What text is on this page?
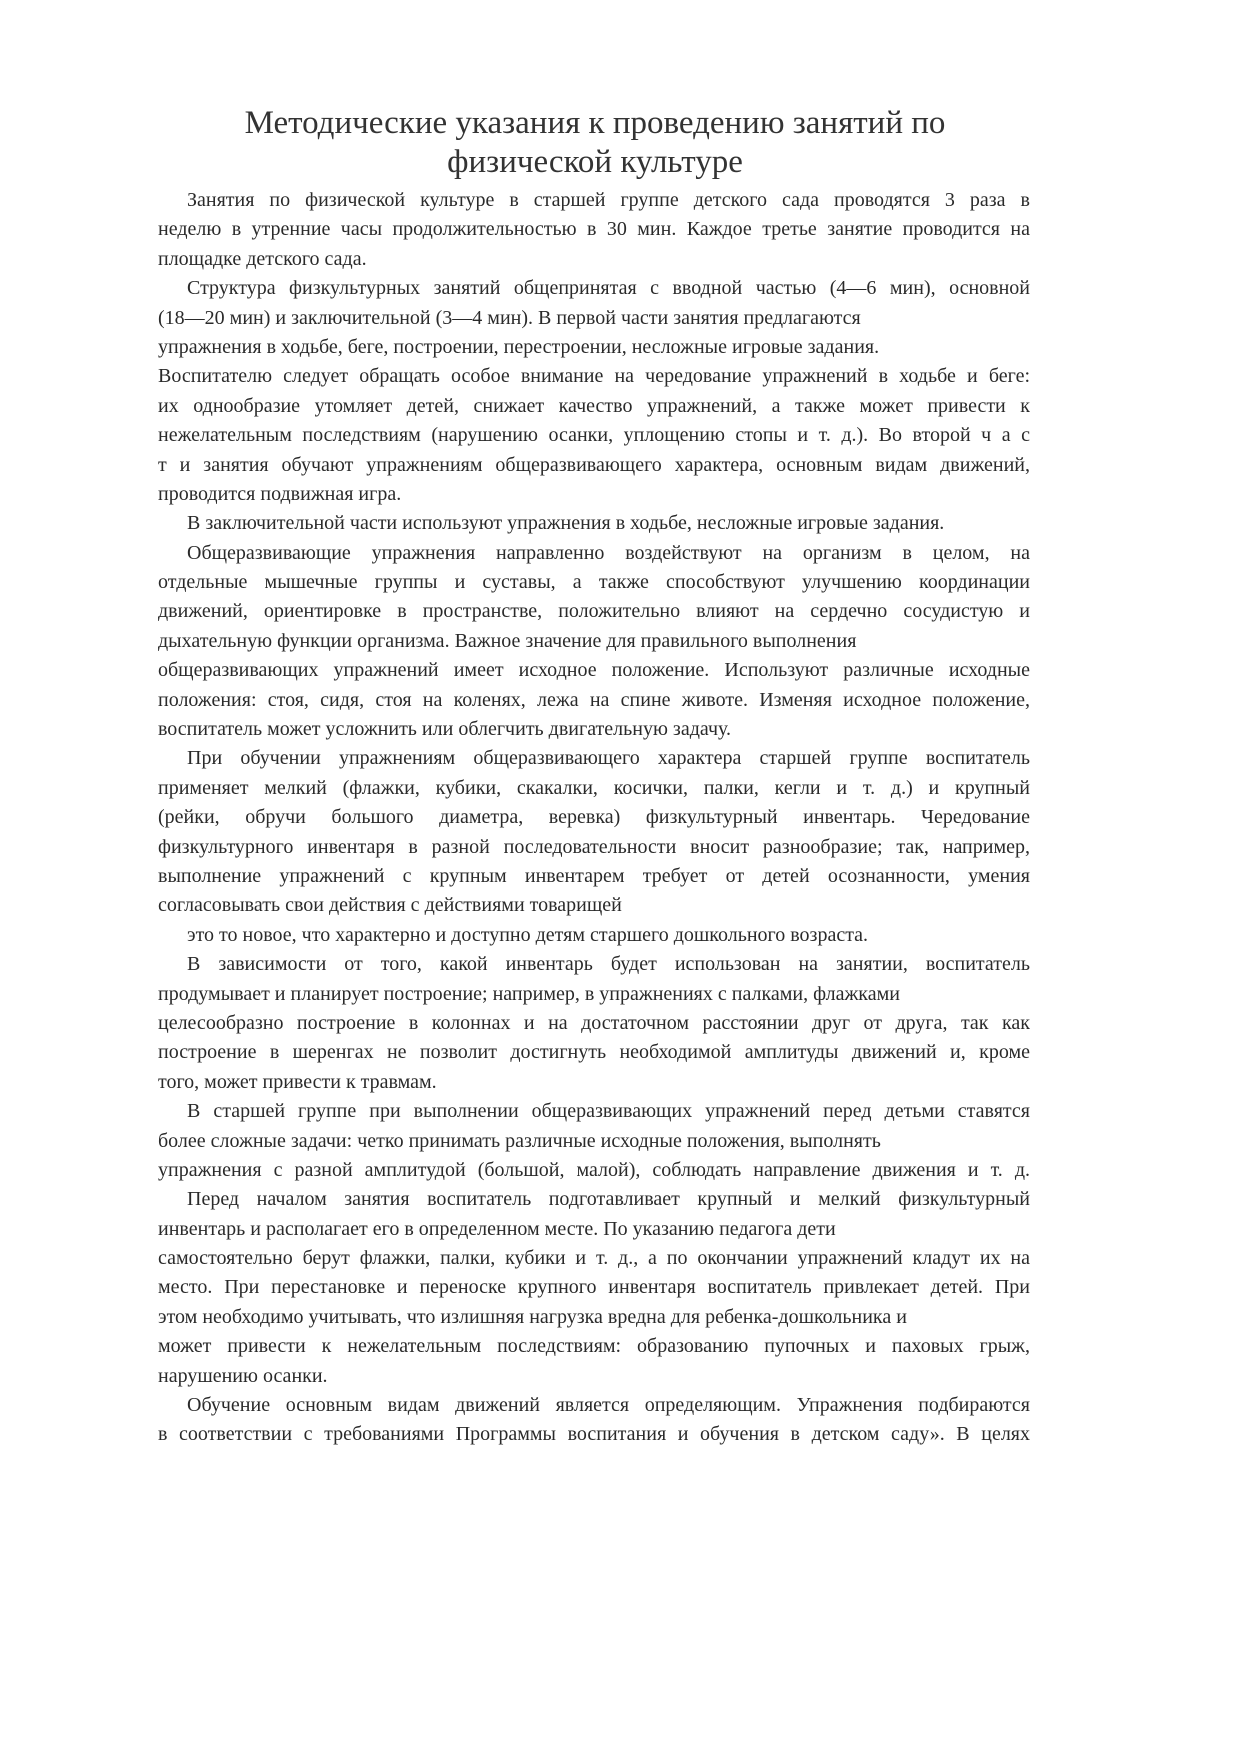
Методические указания к проведению занятий по
физической культуре
Занятия по физической культуре в старшей группе детского сада проводятся 3 раза в
неделю в утренние часы продолжительностью в 30 мин. Каждое третье занятие проводится на
площадке детского сада.
Структура физкультурных занятий общепринятая с вводной частью (4—6 мин), основной
(18—20 мин) и заключительной (3—4 мин). В первой части занятия предлагаются
упражнения в ходьбе, беге, построении, перестроении, несложные игровые задания.
Воспитателю следует обращать особое внимание на чередование упражнений в ходьбе и беге:
их однообразие утомляет детей, снижает качество упражнений, а также может привести к
нежелательным последствиям (нарушению осанки, уплощению стопы и т. д.). Во второй ч а с
т и занятия обучают упражнениям общеразвивающего характера, основным видам движений,
проводится подвижная игра.
В заключительной части используют упражнения в ходьбе, несложные игровые задания.
Общеразвивающие упражнения направленно воздействуют на организм в целом, на
отдельные мышечные группы и суставы, а также способствуют улучшению координации
движений, ориентировке в пространстве, положительно влияют на сердечно сосудистую и
дыхательную функции организма. Важное значение для правильного выполнения
общеразвивающих упражнений имеет исходное положение. Используют различные исходные
положения: стоя, сидя, стоя на коленях, лежа на спине животе. Изменяя исходное положение,
воспитатель может усложнить или облегчить двигательную задачу.
При обучении упражнениям общеразвивающего характера старшей группе воспитатель
применяет мелкий (флажки, кубики, скакалки, косички, палки, кегли и т. д.) и крупный
(рейки, обручи большого диаметра, веревка) физкультурный инвентарь. Чередование
физкультурного инвентаря в разной последовательности вносит разнообразие; так, например,
выполнение упражнений с крупным инвентарем требует от детей осознанности, умения
согласовывать свои действия с действиями товарищей
это то новое, что характерно и доступно детям старшего дошкольного возраста.
В зависимости от того, какой инвентарь будет использован на занятии, воспитатель
продумывает и планирует построение; например, в упражнениях с палками, флажками
целесообразно построение в колоннах и на достаточном расстоянии друг от друга, так как
построение в шеренгах не позволит достигнуть необходимой амплитуды движений и, кроме
того, может привести к травмам.
В старшей группе при выполнении общеразвивающих упражнений перед детьми ставятся
более сложные задачи: четко принимать различные исходные положения, выполнять
упражнения с разной амплитудой (большой, малой), соблюдать направление движения и т. д.
Перед началом занятия воспитатель подготавливает крупный и мелкий физкультурный
инвентарь и располагает его в определенном месте. По указанию педагога дети
самостоятельно берут флажки, палки, кубики и т. д., а по окончании упражнений кладут их на
место. При перестановке и переноске крупного инвентаря воспитатель привлекает детей. При
этом необходимо учитывать, что излишняя нагрузка вредна для ребенка-дошкольника и
может привести к нежелательным последствиям: образованию пупочных и паховых грыж,
нарушению осанки.
Обучение основным видам движений является определяющим. Упражнения подбираются
в соответствии с требованиями Программы воспитания и обучения в детском саду». В целях
